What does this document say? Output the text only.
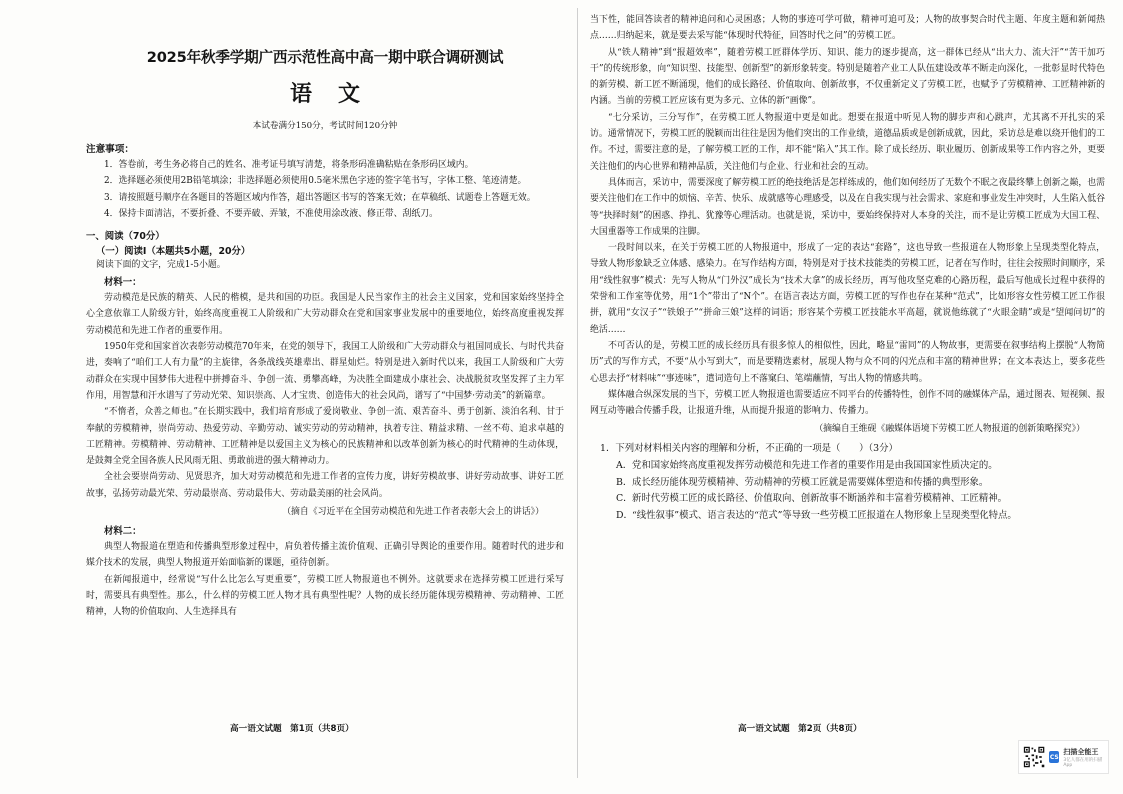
2025年秋季学期广西示范性高中高一期中联合调研测试
语文
本试卷满分150分，考试时间120分钟
注意事项：

1．答卷前，考生务必将自己的姓名、准考证号填写清楚，将条形码准确粘贴在条形码区域内。

2．选择题必须使用2B铅笔填涂；非选择题必须使用0.5毫米黑色字迹的签字笔书写，字体工整、笔迹清楚。

3．请按照题号顺序在各题目的答题区域内作答，超出答题区书写的答案无效；在草稿纸、试题卷上答题无效。

4．保持卡面清洁，不要折叠、不要弄破、弄皱，不准使用涂改液、修正带、刮纸刀。

一、阅读（70分）
（一）阅读Ⅰ（本题共5小题，20分）
阅读下面的文字，完成1-5小题。
材料一：

劳动模范是民族的精英、人民的楷模，是共和国的功臣。我国是人民当家作主的社会主义国家，党和国家始终坚持全心全意依靠工人阶级方针，始终高度重视工人阶级和广大劳动群众在党和国家事业发展中的重要地位，始终高度重视发挥劳动模范和先进工作者的重要作用。

1950年党和国家首次表彰劳动模范70年来，在党的领导下，我国工人阶级和广大劳动群众与祖国同成长、与时代共奋进，奏响了“咱们工人有力量”的主旋律，各条战线英雄辈出、群星灿烂。特别是进入新时代以来，我国工人阶级和广大劳动群众在实现中国梦伟大进程中拼搏奋斗、争创一流、勇攀高峰，为决胜全面建成小康社会、决战脱贫攻坚发挥了主力军作用，用智慧和汗水谱写了劳动光荣、知识崇高、人才宝贵、创造伟大的社会风尚，谱写了“中国梦·劳动美”的新篇章。

“不惰者，众善之师也。”在长期实践中，我们培育形成了爱岗敬业、争创一流、艰苦奋斗、勇于创新、淡泊名利、甘于奉献的劳模精神，崇尚劳动、热爱劳动、辛勤劳动、诚实劳动的劳动精神，执着专注、精益求精、一丝不苟、追求卓越的工匠精神。劳模精神、劳动精神、工匠精神是以爱国主义为核心的民族精神和以改革创新为核心的时代精神的生动体现，是鼓舞全党全国各族人民风雨无阻、勇敢前进的强大精神动力。

全社会要崇尚劳动、见贤思齐，加大对劳动模范和先进工作者的宣传力度，讲好劳模故事、讲好劳动故事、讲好工匠故事，弘扬劳动最光荣、劳动最崇高、劳动最伟大、劳动最美丽的社会风尚。

（摘自《习近平在全国劳动模范和先进工作者表彰大会上的讲话》）
材料二：

典型人物报道在塑造和传播典型形象过程中，肩负着传播主流价值观、正确引导舆论的重要作用。随着时代的进步和媒介技术的发展，典型人物报道开始面临新的课题，亟待创新。

在新闻报道中，经常说“写什么比怎么写更重要”，劳模工匠人物报道也不例外。这就要求在选择劳模工匠进行采写时，需要具有典型性。那么，什么样的劳模工匠人物才具有典型性呢？人物的成长经历能体现劳模精神、劳动精神、工匠精神，人物的价值取向、人生选择具有

高一语文试题　第1页（共8页）

当下性，能回答读者的精神追问和心灵困惑；人物的事迹可学可做，精神可追可及；人物的故事契合时代主题、年度主题和新闻热点……归纳起来，就是要去采写能“体现时代特征，回答时代之问”的劳模工匠。

从“铁人精神”到“报超效率”，随着劳模工匠群体学历、知识、能力的逐步提高，这一群体已经从“出大力、流大汗”“苦干加巧干”的传统形象，向“知识型、技能型、创新型”的新形象转变。特别是随着产业工人队伍建设改革不断走向深化，一批彰显时代特色的新劳模、新工匠不断涌现，他们的成长路径、价值取向、创新故事，不仅重新定义了劳模工匠，也赋予了劳模精神、工匠精神新的内涵。当前的劳模工匠应该有更为多元、立体的新“画像”。

“七分采访，三分写作”，在劳模工匠人物报道中更是如此。想要在报道中听见人物的脚步声和心跳声，尤其离不开扎实的采访。通常情况下，劳模工匠的脱颖而出往往是因为他们突出的工作业绩，道德品质或是创新成就，因此，采访总是难以绕开他们的工作。不过，需要注意的是，了解劳模工匠的工作，却不能“陷入”其工作。除了成长经历、职业履历、创新成果等工作内容之外，更要关注他们的内心世界和精神品质，关注他们与企业、行业和社会的互动。

具体而言，采访中，需要深度了解劳模工匠的绝技绝活是怎样练成的，他们如何经历了无数个不眠之夜最终攀上创新之巅，也需要关注他们在工作中的烦恼、辛苦、快乐、成就感等心理感受，以及在自我实现与社会需求、家庭和事业发生冲突时，人生陷入低谷等“抉择时刻”的困惑、挣扎、犹豫等心理活动。也就是说，采访中，要始终保持对人本身的关注，而不是让劳模工匠成为大国工程、大国重器等工作成果的注脚。

一段时间以来，在关于劳模工匠的人物报道中，形成了一定的表达“套路”，这也导致一些报道在人物形象上呈现类型化特点，导致人物形象缺乏立体感、感染力。在写作结构方面，特别是对于技术技能类的劳模工匠，记者在写作时，往往会按照时间顺序，采用“线性叙事”模式：先写人物从“门外汉”成长为“技术大拿”的成长经历，再写他攻坚克难的心路历程，最后写他成长过程中获得的荣誉和工作室等优势，用“1个”带出了“N个”。在语言表达方面，劳模工匠的写作也存在某种“范式”，比如形容女性劳模工匠工作很拼，就用“女汉子”“铁娘子”“拼命三娘”这样的词语；形容某个劳模工匠技能水平高超，就说他练就了“火眼金睛”或是“望闻问切”的绝活……

不可否认的是，劳模工匠的成长经历具有很多惊人的相似性，因此，略显“雷同”的人物故事，更需要在叙事结构上摆脱“人物简历”式的写作方式，不要“从小写到大”，而是要精选素材，展现人物与众不同的闪光点和丰富的精神世界；在文本表达上，要多花些心思去抒“材料味”“事迹味”，遣词造句上不落窠臼、笔端蘸情，写出人物的情感共鸣。

媒体融合纵深发展的当下，劳模工匠人物报道也需要适应不同平台的传播特性，创作不同的融媒体产品，通过图表、短视频、报网互动等融合传播手段，让报道升维，从而提升报道的影响力、传播力。

（摘编自王维砚《融媒体语境下劳模工匠人物报道的创新策略探究》）
1．下列对材料相关内容的理解和分析，不正确的一项是（　　）（3分）
A．党和国家始终高度重视发挥劳动模范和先进工作者的重要作用是由我国国家性质决定的。
B．成长经历能体现劳模精神、劳动精神的劳模工匠就是需要媒体塑造和传播的典型形象。
C．新时代劳模工匠的成长路径、价值取向、创新故事不断涵养和丰富着劳模精神、工匠精神。
D．“线性叙事”模式、语言表达的“范式”等导致一些劳模工匠报道在人物形象上呈现类型化特点。
高一语文试题　第2页（共8页）
CS
扫描全能王
3亿人都在用的扫描App
